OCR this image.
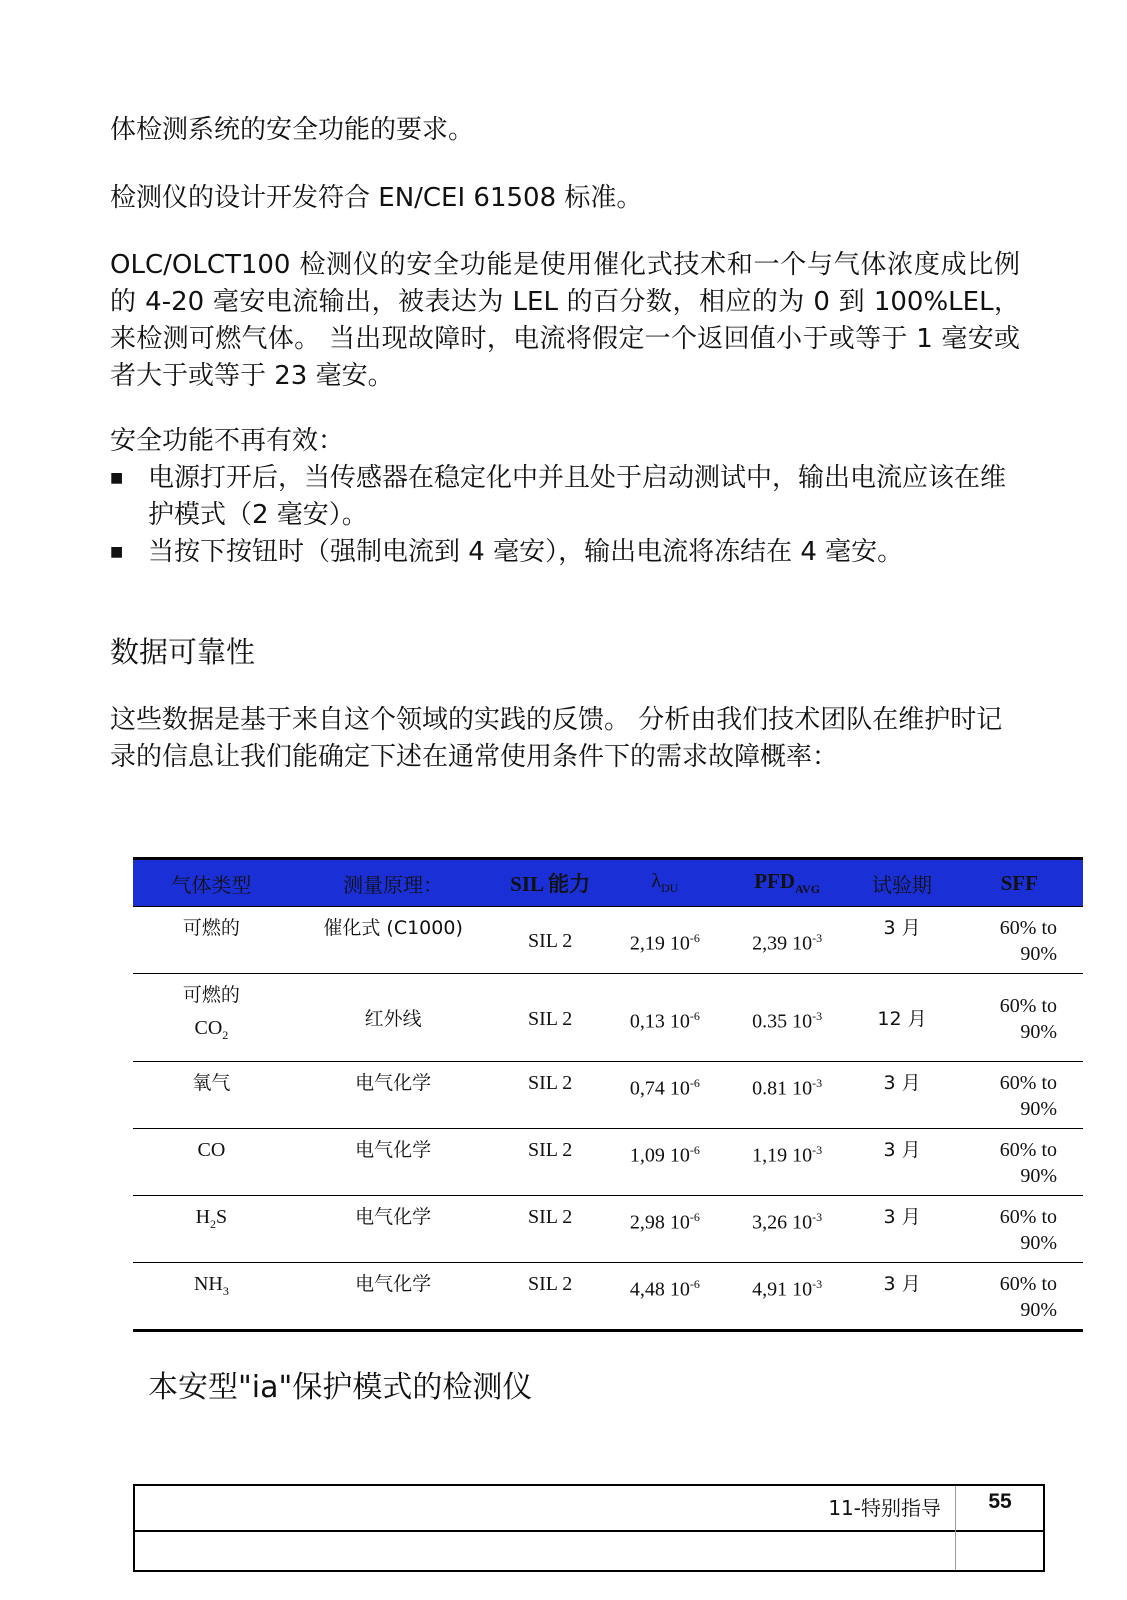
体检测系统的安全功能的要求。

检测仪的设计开发符合 EN/CEI 61508 标准。

OLC/OLCT100 检测仪的安全功能是使用催化式技术和一个与气体浓度成比例的 4-20 毫安电流输出，被表达为 LEL 的百分数，相应的为 0 到 100%LEL，来检测可燃气体。 当出现故障时，电流将假定一个返回值小于或等于 1 毫安或者大于或等于 23 毫安。

安全功能不再有效：

■ 电源打开后，当传感器在稳定化中并且处于启动测试中，输出电流应该在维护模式（2 毫安）。
■ 当按下按钮时（强制电流到 4 毫安），输出电流将冻结在 4 毫安。
数据可靠性

这些数据是基于来自这个领域的实践的反馈。 分析由我们技术团队在维护时记录的信息让我们能确定下述在通常使用条件下的需求故障概率：

气体类型	测量原理：	SIL 能力	$\lambda_{DU}$	$PFD_{AVG}$	试验期	SFF
可燃的	催化式 (C1000)	SIL 2	2,19 $10^{-6}$	2,39 $10^{-3}$	3 月	60% to
90%
可燃的
$CO_2$	红外线	SIL 2	0,13 $10^{-6}$	0.35 $10^{-3}$	12 月	60% to
90%
氧气	电气化学	SIL 2	0,74 $10^{-6}$	0.81 $10^{-3}$	3 月	60% to
90%
CO	电气化学	SIL 2	1,09 $10^{-6}$	1,19 $10^{-3}$	3 月	60% to
90%
$H_2S$	电气化学	SIL 2	2,98 $10^{-6}$	3,26 $10^{-3}$	3 月	60% to
90%
$NH_3$	电气化学	SIL 2	4,48 $10^{-6}$	4,91 $10^{-3}$	3 月	60% to
90%
本安型"ia"保护模式的检测仪
11-特别指导	55
